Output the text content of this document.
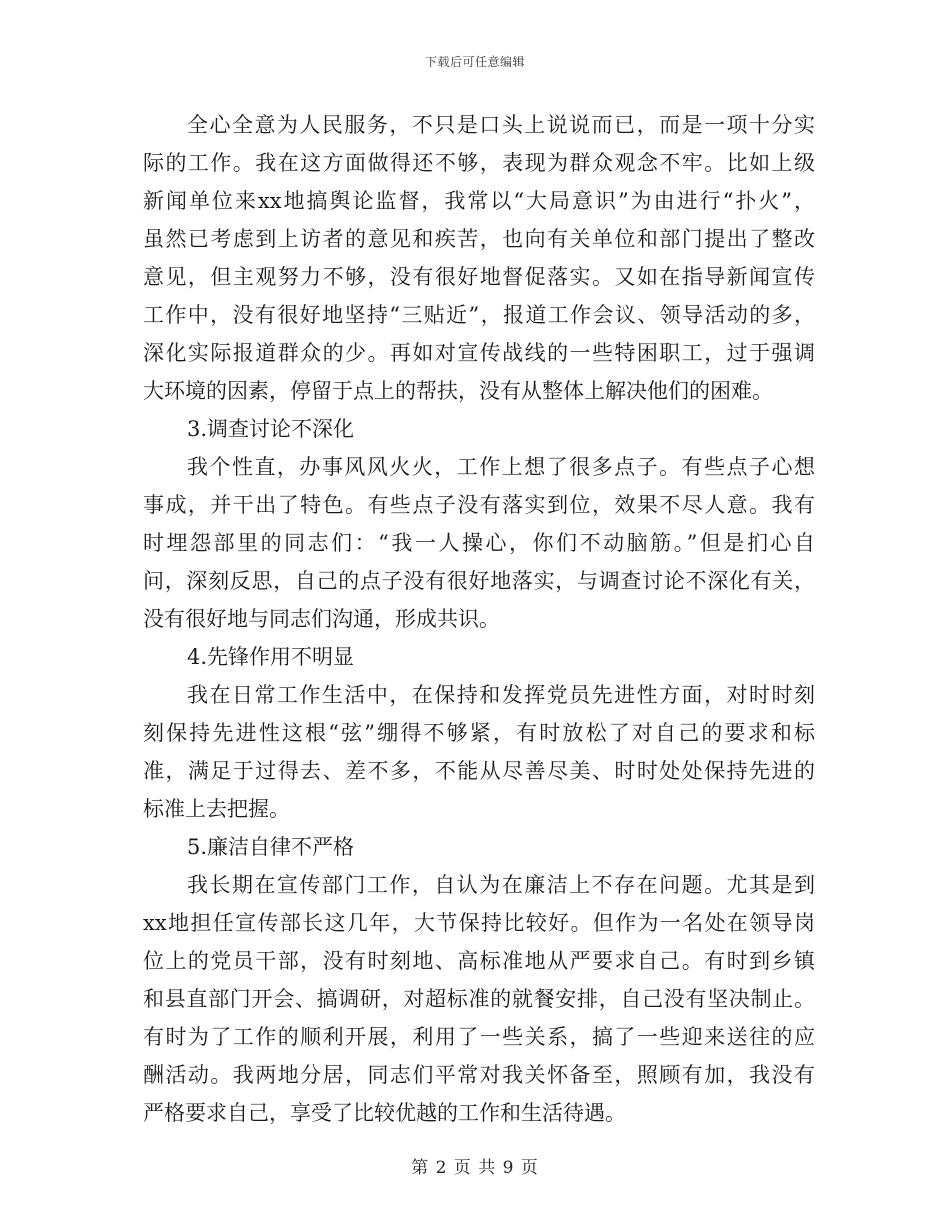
下载后可任意编辑
全心全意为人民服务，不只是口头上说说而已，而是一项十分实
际的工作。我在这方面做得还不够，表现为群众观念不牢。比如上级
新闻单位来xx地搞舆论监督，我常以“大局意识”为由进行“扑火”，
虽然已考虑到上访者的意见和疾苦，也向有关单位和部门提出了整改
意见，但主观努力不够，没有很好地督促落实。又如在指导新闻宣传
工作中，没有很好地坚持“三贴近”，报道工作会议、领导活动的多，
深化实际报道群众的少。再如对宣传战线的一些特困职工，过于强调
大环境的因素，停留于点上的帮扶，没有从整体上解决他们的困难。
3.调查讨论不深化
我个性直，办事风风火火，工作上想了很多点子。有些点子心想
事成，并干出了特色。有些点子没有落实到位，效果不尽人意。我有
时埋怨部里的同志们：“我一人操心，你们不动脑筋。”但是扪心自
问，深刻反思，自己的点子没有很好地落实，与调查讨论不深化有关，
没有很好地与同志们沟通，形成共识。
4.先锋作用不明显
我在日常工作生活中，在保持和发挥党员先进性方面，对时时刻
刻保持先进性这根“弦”绷得不够紧，有时放松了对自己的要求和标
准，满足于过得去、差不多，不能从尽善尽美、时时处处保持先进的
标准上去把握。
5.廉洁自律不严格
我长期在宣传部门工作，自认为在廉洁上不存在问题。尤其是到
xx地担任宣传部长这几年，大节保持比较好。但作为一名处在领导岗
位上的党员干部，没有时刻地、高标准地从严要求自己。有时到乡镇
和县直部门开会、搞调研，对超标准的就餐安排，自己没有坚决制止。
有时为了工作的顺利开展，利用了一些关系，搞了一些迎来送往的应
酬活动。我两地分居，同志们平常对我关怀备至，照顾有加，我没有
严格要求自己，享受了比较优越的工作和生活待遇。
第 2 页 共 9 页
